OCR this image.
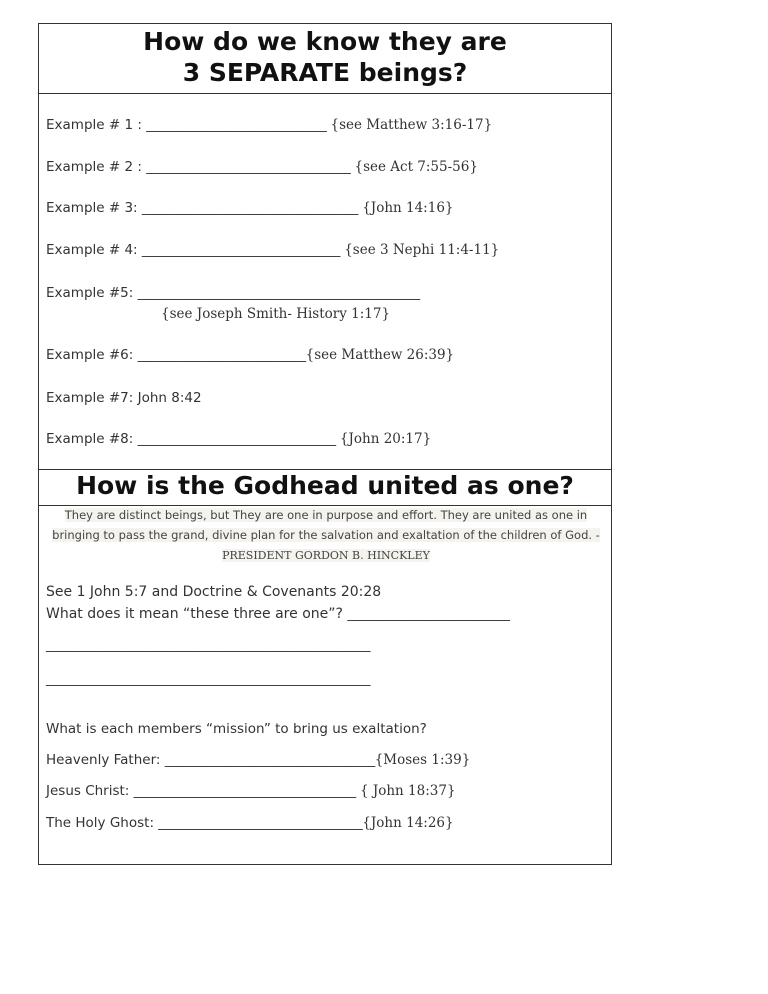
How do we know they are
3 SEPARATE beings?
Example # 1 : ______________________________ {see Matthew 3:16-17}
Example # 2 : __________________________________ {see Act 7:55-56}
Example # 3: ____________________________________ {John 14:16}
Example # 4: _________________________________ {see 3 Nephi 11:4-11}
Example #5: _______________________________________________
{see Joseph Smith- History 1:17}
Example #6: ____________________________{see Matthew 26:39}
Example #7: John 8:42
Example #8: _________________________________ {John 20:17}
How is the Godhead united as one?
They are distinct beings, but They are one in purpose and effort. They are united as one in bringing to pass the grand, divine plan for the salvation and exaltation of the children of God. - PRESIDENT GORDON B. HINCKLEY
See 1 John 5:7 and Doctrine & Covenants 20:28
What does it mean “these three are one”? ___________________________
______________________________________________________
______________________________________________________
What is each members “mission” to bring us exaltation?
Heavenly Father: ___________________________________{Moses 1:39}
Jesus Christ: _____________________________________ { John 18:37}
The Holy Ghost: __________________________________{John 14:26}
